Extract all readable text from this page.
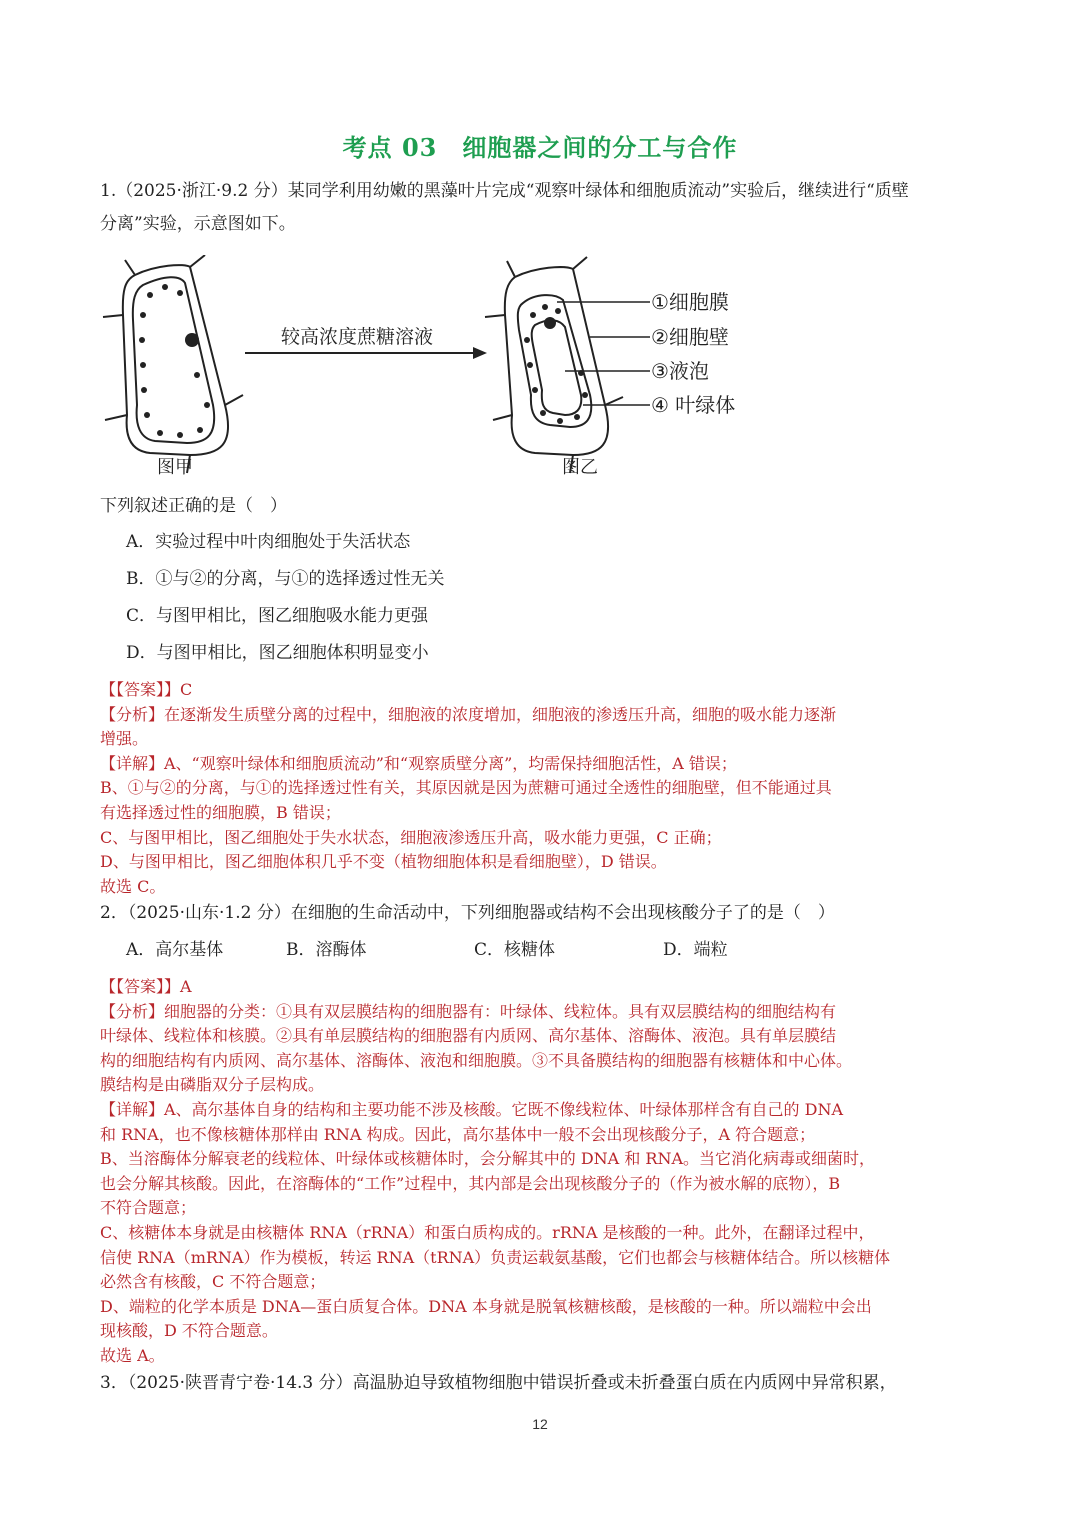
考点 03　细胞器之间的分工与合作
1.（2025·浙江·9.2 分）某同学利用幼嫩的黑藻叶片完成“观察叶绿体和细胞质流动”实验后，继续进行“质壁
分离”实验，示意图如下。
图甲
较高浓度蔗糖溶液
图乙
①细胞膜
②细胞壁
③液泡
④ 叶绿体
下列叙述正确的是（　）
A．实验过程中叶肉细胞处于失活状态
B．①与②的分离，与①的选择透过性无关
C．与图甲相比，图乙细胞吸水能力更强
D．与图甲相比，图乙细胞体积明显变小
【【答案】】C
【分析】在逐渐发生质壁分离的过程中，细胞液的浓度增加，细胞液的渗透压升高，细胞的吸水能力逐渐
增强。
【详解】A、“观察叶绿体和细胞质流动”和“观察质壁分离”，均需保持细胞活性，A 错误；
B、①与②的分离，与①的选择透过性有关，其原因就是因为蔗糖可通过全透性的细胞壁，但不能通过具
有选择透过性的细胞膜，B 错误；
C、与图甲相比，图乙细胞处于失水状态，细胞液渗透压升高，吸水能力更强，C 正确；
D、与图甲相比，图乙细胞体积几乎不变（植物细胞体积是看细胞壁），D 错误。
故选 C。
2．（2025·山东·1.2 分）在细胞的生命活动中，下列细胞器或结构不会出现核酸分子了的是（　）
A．高尔基体	B．溶酶体	C．核糖体	D．端粒
【【答案】】A
【分析】细胞器的分类：①具有双层膜结构的细胞器有：叶绿体、线粒体。具有双层膜结构的细胞结构有
叶绿体、线粒体和核膜。②具有单层膜结构的细胞器有内质网、高尔基体、溶酶体、液泡。具有单层膜结
构的细胞结构有内质网、高尔基体、溶酶体、液泡和细胞膜。③不具备膜结构的细胞器有核糖体和中心体。
膜结构是由磷脂双分子层构成。
【详解】A、高尔基体自身的结构和主要功能不涉及核酸。它既不像线粒体、叶绿体那样含有自己的 DNA
和 RNA，也不像核糖体那样由 RNA 构成。因此，高尔基体中一般不会出现核酸分子，A 符合题意；
B、当溶酶体分解衰老的线粒体、叶绿体或核糖体时，会分解其中的 DNA 和 RNA。当它消化病毒或细菌时，
也会分解其核酸。因此，在溶酶体的“工作”过程中，其内部是会出现核酸分子的（作为被水解的底物），B
不符合题意；
C、核糖体本身就是由核糖体 RNA（rRNA）和蛋白质构成的。rRNA 是核酸的一种。此外，在翻译过程中，
信使 RNA（mRNA）作为模板，转运 RNA（tRNA）负责运载氨基酸，它们也都会与核糖体结合。所以核糖体
必然含有核酸，C 不符合题意；
D、端粒的化学本质是 DNA—蛋白质复合体。DNA 本身就是脱氧核糖核酸，是核酸的一种。所以端粒中会出
现核酸，D 不符合题意。
故选 A。
3．（2025·陕晋青宁卷·14.3 分）高温胁迫导致植物细胞中错误折叠或未折叠蛋白质在内质网中异常积累，
12
